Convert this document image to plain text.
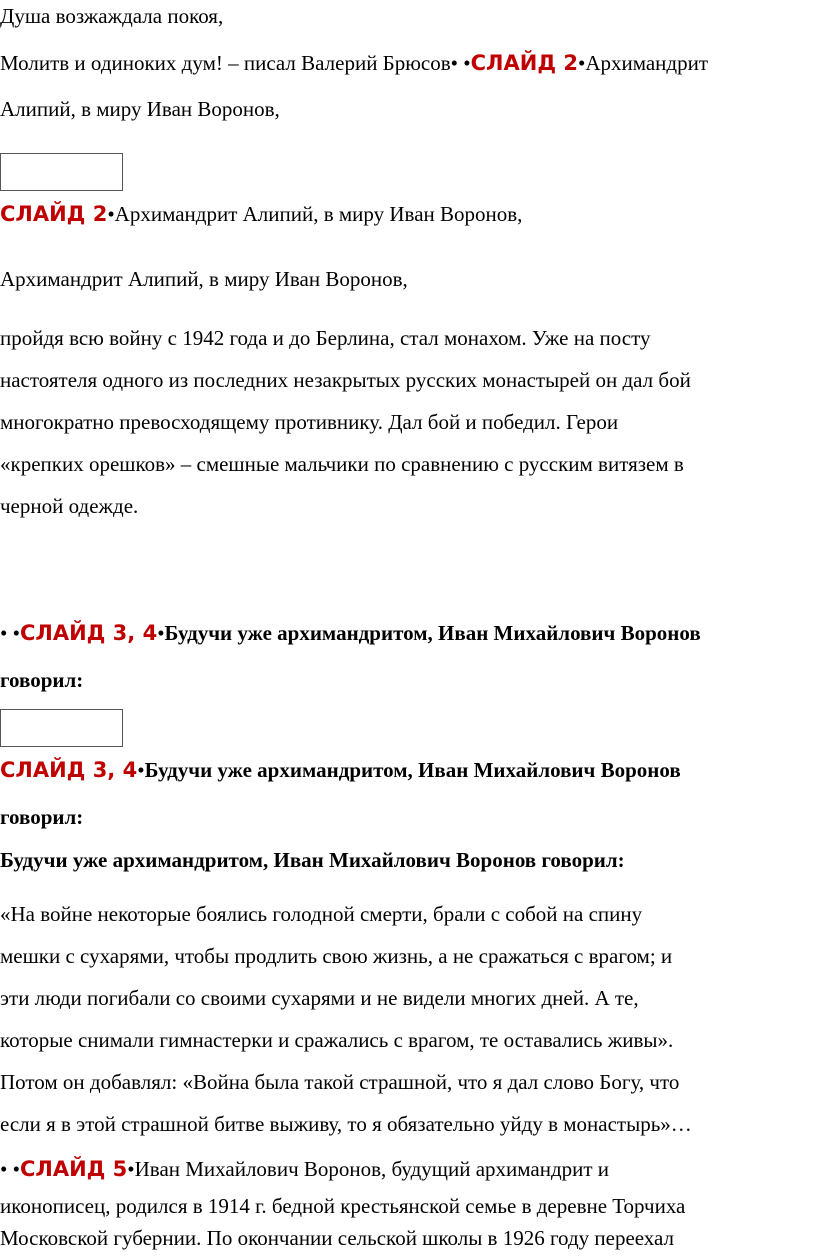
Душа возжаждала покоя,
Молитв и одиноких дум! – писал Валерий Брюсов• •СЛАЙД 2•Архимандрит
Алипий, в миру Иван Воронов,
СЛАЙД 2•Архимандрит Алипий, в миру Иван Воронов,
Архимандрит Алипий, в миру Иван Воронов,
пройдя всю войну с 1942 года и до Берлина, стал монахом. Уже на посту
настоятеля одного из последних незакрытых русских монастырей он дал бой
многократно превосходящему противнику. Дал бой и победил. Герои
«крепких орешков» – смешные мальчики по сравнению с русским витязем в
черной одежде.
• •СЛАЙД 3, 4•Будучи уже архимандритом, Иван Михайлович Воронов
говорил:
СЛАЙД 3, 4•Будучи уже архимандритом, Иван Михайлович Воронов
говорил:
Будучи уже архимандритом, Иван Михайлович Воронов говорил:
«На войне некоторые боялись голодной смерти, брали с собой на спину
мешки с сухарями, чтобы продлить свою жизнь, а не сражаться с врагом; и
эти люди погибали со своими сухарями и не видели многих дней. А те,
которые снимали гимнастерки и сражались с врагом, те оставались живы».
Потом он добавлял: «Война была такой страшной, что я дал слово Богу, что
если я в этой страшной битве выживу, то я обязательно уйду в монастырь»…
• •СЛАЙД 5•Иван Михайлович Воронов, будущий архимандрит и
иконописец, родился в 1914 г. бедной крестьянской семье в деревне Торчиха
Московской губернии. По окончании сельской школы в 1926 году переехал
